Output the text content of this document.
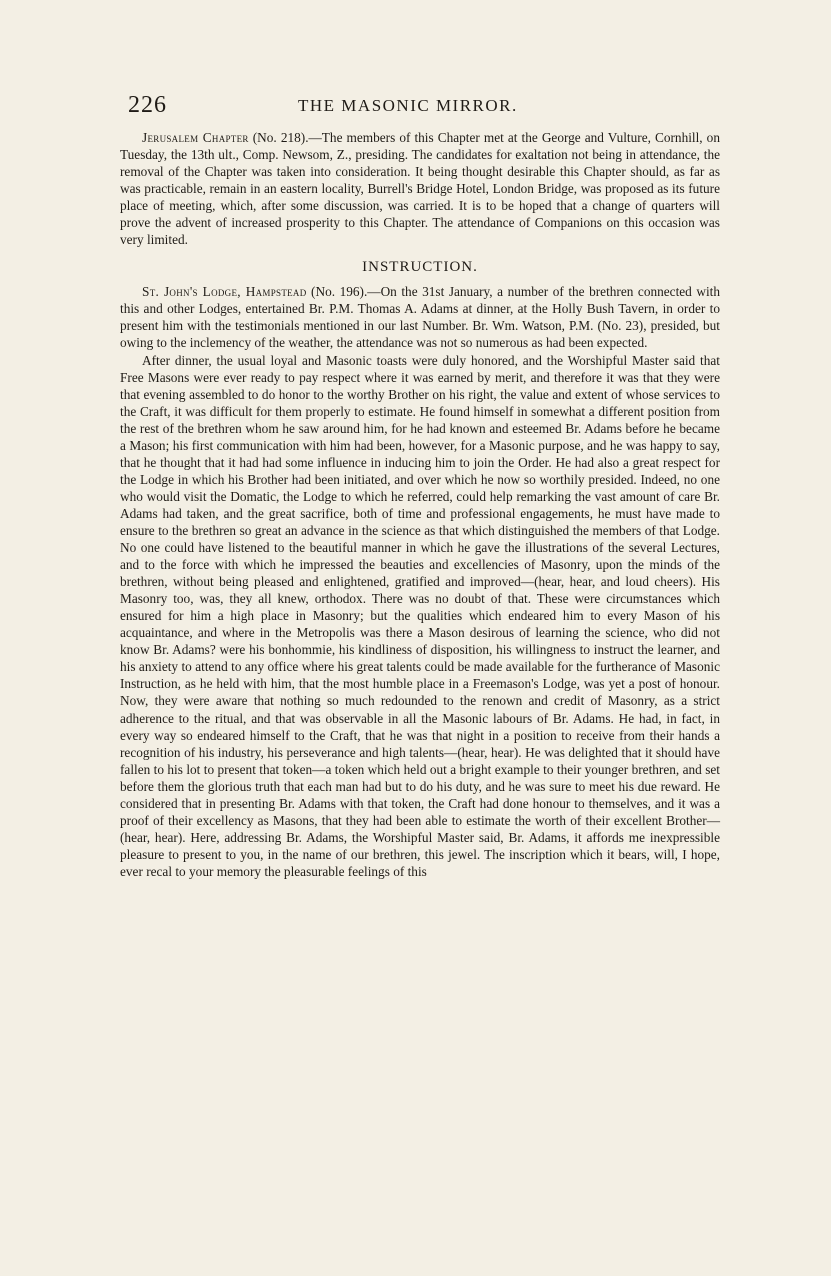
226	THE MASONIC MIRROR.

Jerusalem Chapter (No. 218).—The members of this Chapter met at the George and Vulture, Cornhill, on Tuesday, the 13th ult., Comp. Newsom, Z., presiding. The candidates for exaltation not being in attendance, the removal of the Chapter was taken into consideration. It being thought desirable this Chapter should, as far as was practicable, remain in an eastern locality, Burrell's Bridge Hotel, London Bridge, was proposed as its future place of meeting, which, after some discussion, was carried. It is to be hoped that a change of quarters will prove the advent of increased prosperity to this Chapter. The attendance of Companions on this occasion was very limited.

INSTRUCTION.

St. John's Lodge, Hampstead (No. 196).—On the 31st January, a number of the brethren connected with this and other Lodges, entertained Br. P.M. Thomas A. Adams at dinner, at the Holly Bush Tavern, in order to present him with the testimonials mentioned in our last Number. Br. Wm. Watson, P.M. (No. 23), presided, but owing to the inclemency of the weather, the attendance was not so numerous as had been expected.

After dinner, the usual loyal and Masonic toasts were duly honored, and the Worshipful Master said that Free Masons were ever ready to pay respect where it was earned by merit, and therefore it was that they were that evening assembled to do honor to the worthy Brother on his right, the value and extent of whose services to the Craft, it was difficult for them properly to estimate. He found himself in somewhat a different position from the rest of the brethren whom he saw around him, for he had known and esteemed Br. Adams before he became a Mason; his first communication with him had been, however, for a Masonic purpose, and he was happy to say, that he thought that it had had some influence in inducing him to join the Order. He had also a great respect for the Lodge in which his Brother had been initiated, and over which he now so worthily presided. Indeed, no one who would visit the Domatic, the Lodge to which he referred, could help remarking the vast amount of care Br. Adams had taken, and the great sacrifice, both of time and professional engagements, he must have made to ensure to the brethren so great an advance in the science as that which distinguished the members of that Lodge. No one could have listened to the beautiful manner in which he gave the illustrations of the several Lectures, and to the force with which he impressed the beauties and excellencies of Masonry, upon the minds of the brethren, without being pleased and enlightened, gratified and improved—(hear, hear, and loud cheers). His Masonry too, was, they all knew, orthodox. There was no doubt of that. These were circumstances which ensured for him a high place in Masonry; but the qualities which endeared him to every Mason of his acquaintance, and where in the Metropolis was there a Mason desirous of learning the science, who did not know Br. Adams? were his bonhommie, his kindliness of disposition, his willingness to instruct the learner, and his anxiety to attend to any office where his great talents could be made available for the furtherance of Masonic Instruction, as he held with him, that the most humble place in a Freemason's Lodge, was yet a post of honour. Now, they were aware that nothing so much redounded to the renown and credit of Masonry, as a strict adherence to the ritual, and that was observable in all the Masonic labours of Br. Adams. He had, in fact, in every way so endeared himself to the Craft, that he was that night in a position to receive from their hands a recognition of his industry, his perseverance and high talents—(hear, hear). He was delighted that it should have fallen to his lot to present that token—a token which held out a bright example to their younger brethren, and set before them the glorious truth that each man had but to do his duty, and he was sure to meet his due reward. He considered that in presenting Br. Adams with that token, the Craft had done honour to themselves, and it was a proof of their excellency as Masons, that they had been able to estimate the worth of their excellent Brother—(hear, hear). Here, addressing Br. Adams, the Worshipful Master said, Br. Adams, it affords me inexpressible pleasure to present to you, in the name of our brethren, this jewel. The inscription which it bears, will, I hope, ever recal to your memory the pleasurable feelings of this
